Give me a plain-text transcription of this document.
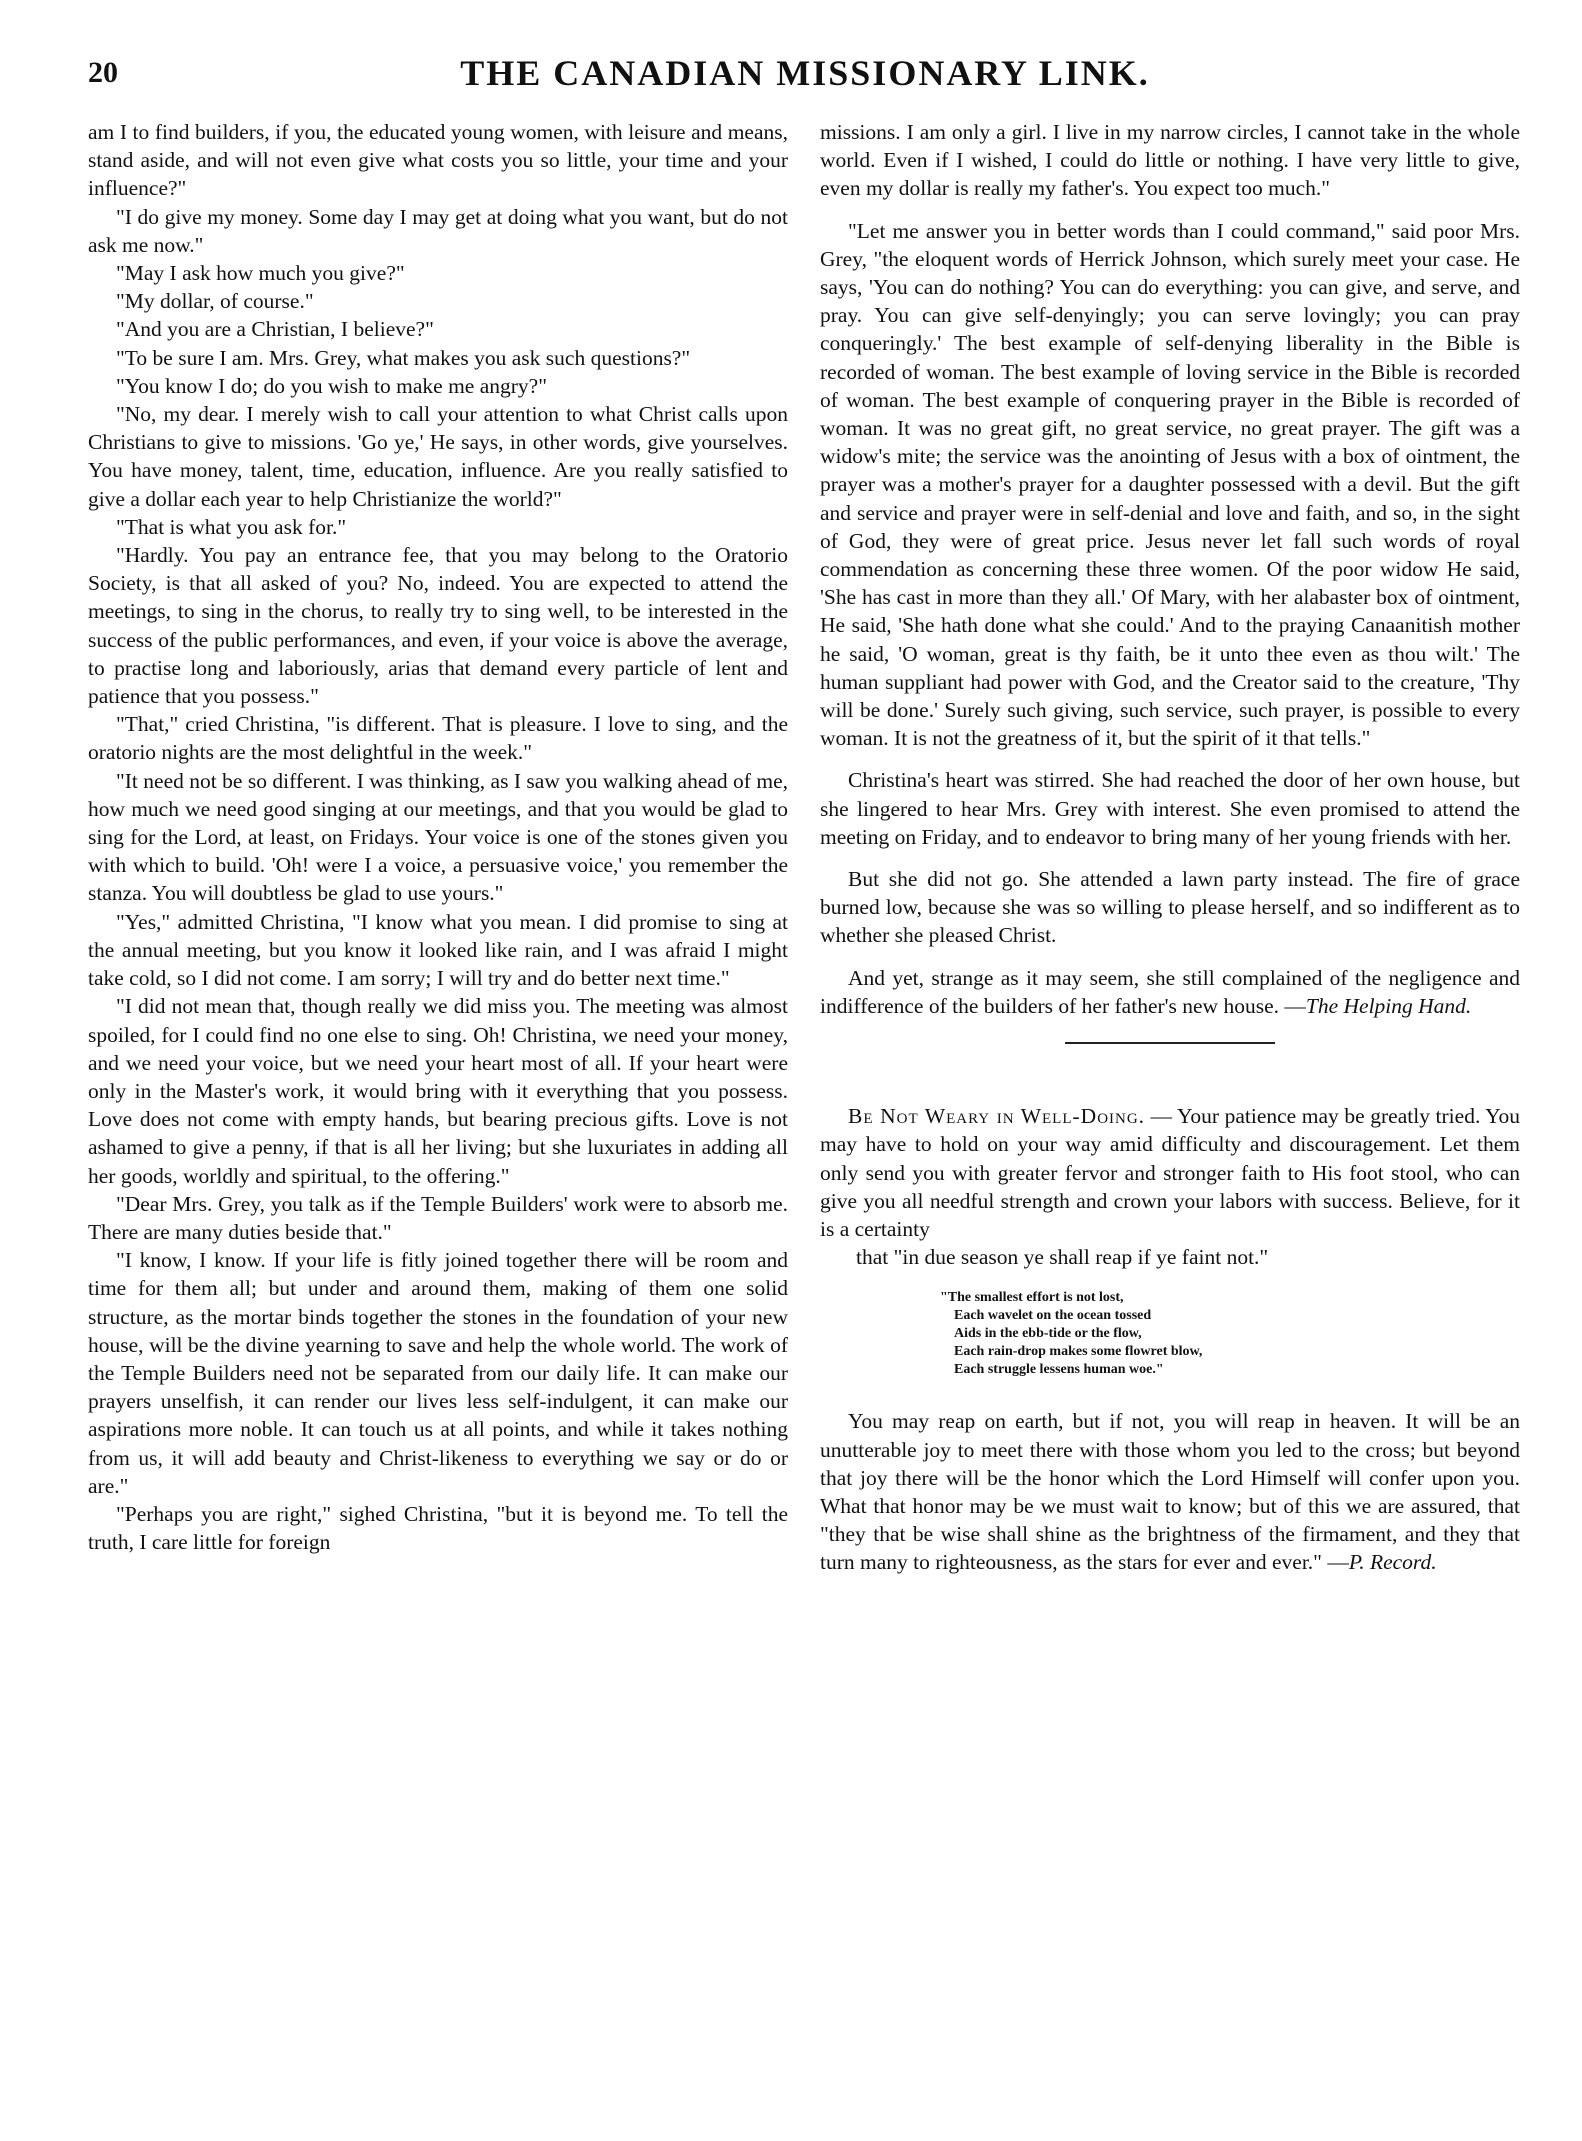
20	THE CANADIAN MISSIONARY LINK.

am I to find builders, if you, the educated young women, with leisure and means, stand aside, and will not even give what costs you so little, your time and your influence?"

"I do give my money. Some day I may get at doing what you want, but do not ask me now."

"May I ask how much you give?"

"My dollar, of course."

"And you are a Christian, I believe?"

"To be sure I am. Mrs. Grey, what makes you ask such questions?"

"You know I do; do you wish to make me angry?"

"No, my dear. I merely wish to call your attention to what Christ calls upon Christians to give to missions. 'Go ye,' He says, in other words, give yourselves. You have money, talent, time, education, influence. Are you really satisfied to give a dollar each year to help Christianize the world?"

"That is what you ask for."

"Hardly. You pay an entrance fee, that you may belong to the Oratorio Society, is that all asked of you? No, indeed. You are expected to attend the meetings, to sing in the chorus, to really try to sing well, to be interested in the success of the public performances, and even, if your voice is above the average, to practise long and laboriously, arias that demand every particle of lent and patience that you possess."

"That," cried Christina, "is different. That is pleasure. I love to sing, and the oratorio nights are the most delightful in the week."

"It need not be so different. I was thinking, as I saw you walking ahead of me, how much we need good singing at our meetings, and that you would be glad to sing for the Lord, at least, on Fridays. Your voice is one of the stones given you with which to build. 'Oh! were I a voice, a persuasive voice,' you remember the stanza. You will doubtless be glad to use yours."

"Yes," admitted Christina, "I know what you mean. I did promise to sing at the annual meeting, but you know it looked like rain, and I was afraid I might take cold, so I did not come. I am sorry; I will try and do better next time."

"I did not mean that, though really we did miss you. The meeting was almost spoiled, for I could find no one else to sing. Oh! Christina, we need your money, and we need your voice, but we need your heart most of all. If your heart were only in the Master's work, it would bring with it everything that you possess. Love does not come with empty hands, but bearing precious gifts. Love is not ashamed to give a penny, if that is all her living; but she luxuriates in adding all her goods, worldly and spiritual, to the offering."

"Dear Mrs. Grey, you talk as if the Temple Builders' work were to absorb me. There are many duties beside that."

"I know, I know. If your life is fitly joined together there will be room and time for them all; but under and around them, making of them one solid structure, as the mortar binds together the stones in the foundation of your new house, will be the divine yearning to save and help the whole world. The work of the Temple Builders need not be separated from our daily life. It can make our prayers unselfish, it can render our lives less self-indulgent, it can make our aspirations more noble. It can touch us at all points, and while it takes nothing from us, it will add beauty and Christ-likeness to everything we say or do or are."

"Perhaps you are right," sighed Christina, "but it is beyond me. To tell the truth, I care little for foreign

missions. I am only a girl. I live in my narrow circles, I cannot take in the whole world. Even if I wished, I could do little or nothing. I have very little to give, even my dollar is really my father's. You expect too much."

"Let me answer you in better words than I could command," said poor Mrs. Grey, "the eloquent words of Herrick Johnson, which surely meet your case. He says, 'You can do nothing? You can do everything: you can give, and serve, and pray. You can give self-denyingly; you can serve lovingly; you can pray conqueringly.' The best example of self-denying liberality in the Bible is recorded of woman. The best example of loving service in the Bible is recorded of woman. The best example of conquering prayer in the Bible is recorded of woman. It was no great gift, no great service, no great prayer. The gift was a widow's mite; the service was the anointing of Jesus with a box of ointment, the prayer was a mother's prayer for a daughter possessed with a devil. But the gift and service and prayer were in self-denial and love and faith, and so, in the sight of God, they were of great price. Jesus never let fall such words of royal commendation as concerning these three women. Of the poor widow He said, 'She has cast in more than they all.' Of Mary, with her alabaster box of ointment, He said, 'She hath done what she could.' And to the praying Canaanitish mother he said, 'O woman, great is thy faith, be it unto thee even as thou wilt.' The human suppliant had power with God, and the Creator said to the creature, 'Thy will be done.' Surely such giving, such service, such prayer, is possible to every woman. It is not the greatness of it, but the spirit of it that tells."

Christina's heart was stirred. She had reached the door of her own house, but she lingered to hear Mrs. Grey with interest. She even promised to attend the meeting on Friday, and to endeavor to bring many of her young friends with her.

But she did not go. She attended a lawn party instead. The fire of grace burned low, because she was so willing to please herself, and so indifferent as to whether she pleased Christ.

And yet, strange as it may seem, she still complained of the negligence and indifference of the builders of her father's new house. —The Helping Hand.

Be Not Weary in Well-Doing. — Your patience may be greatly tried. You may have to hold on your way amid difficulty and discouragement. Let them only send you with greater fervor and stronger faith to His foot stool, who can give you all needful strength and crown your labors with success. Believe, for it is a certainty

that "in due season ye shall reap if ye faint not."

"The smallest effort is not lost,
Each wavelet on the ocean tossed
Aids in the ebb-tide or the flow,
Each rain-drop makes some flowret blow,
Each struggle lessens human woe."

You may reap on earth, but if not, you will reap in heaven. It will be an unutterable joy to meet there with those whom you led to the cross; but beyond that joy there will be the honor which the Lord Himself will confer upon you. What that honor may be we must wait to know; but of this we are assured, that "they that be wise shall shine as the brightness of the firmament, and they that turn many to righteousness, as the stars for ever and ever." —P. Record.
